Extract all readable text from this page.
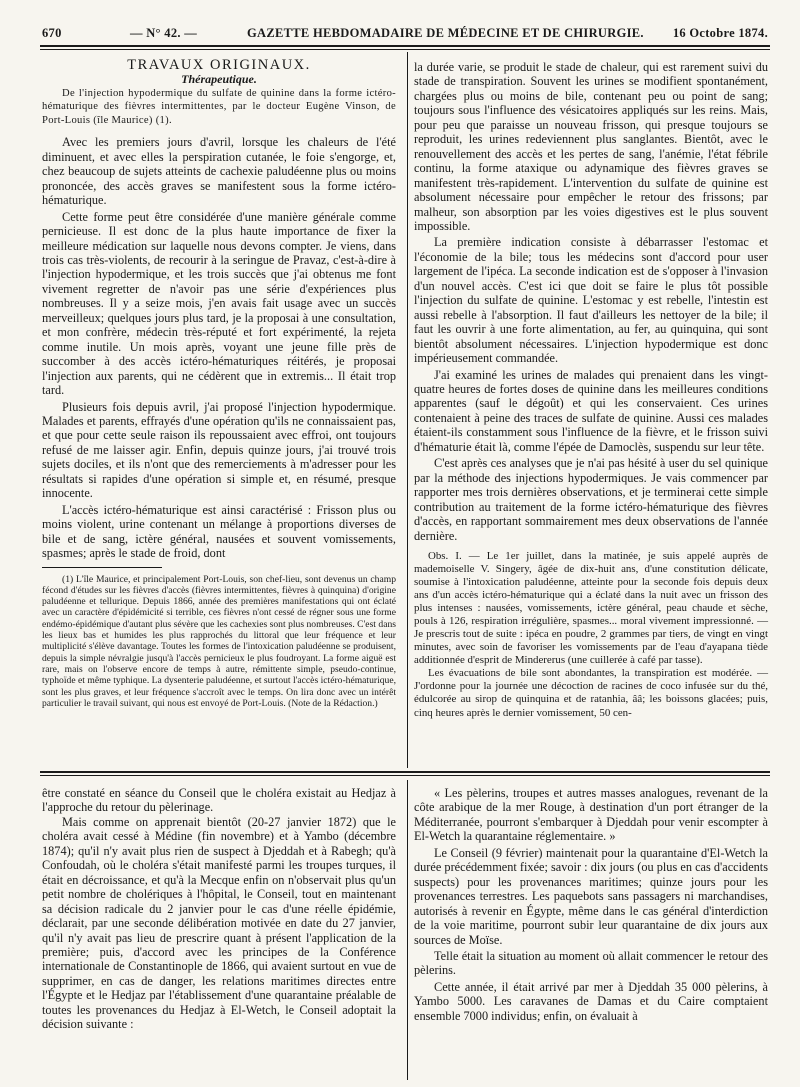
670	— N° 42. —	GAZETTE HEBDOMADAIRE DE MÉDECINE ET DE CHIRURGIE. 16 Octobre 1874.

TRAVAUX ORIGINAUX.

Thérapeutique.

De l'injection hypodermique du sulfate de quinine dans la forme ictéro-hématurique des fièvres intermittentes, par le docteur Eugène Vinson, de Port-Louis (île Maurice) (1).

Avec les premiers jours d'avril, lorsque les chaleurs de l'été diminuent, et avec elles la perspiration cutanée, le foie s'engorge, et, chez beaucoup de sujets atteints de cachexie paludéenne plus ou moins prononcée, des accès graves se manifestent sous la forme ictéro-hématurique.

Cette forme peut être considérée d'une manière générale comme pernicieuse. Il est donc de la plus haute importance de fixer la meilleure médication sur laquelle nous devons compter. Je viens, dans trois cas très-violents, de recourir à la seringue de Pravaz, c'est-à-dire à l'injection hypodermique, et les trois succès que j'ai obtenus me font vivement regretter de n'avoir pas une série d'expériences plus nombreuses. Il y a seize mois, j'en avais fait usage avec un succès merveilleux; quelques jours plus tard, je la proposai à une consultation, et mon confrère, médecin très-réputé et fort expérimenté, la rejeta comme inutile. Un mois après, voyant une jeune fille près de succomber à des accès ictéro-hématuriques réitérés, je proposai l'injection aux parents, qui ne cédèrent que in extremis... Il était trop tard.

Plusieurs fois depuis avril, j'ai proposé l'injection hypodermique. Malades et parents, effrayés d'une opération qu'ils ne connaissaient pas, et que pour cette seule raison ils repoussaient avec effroi, ont toujours refusé de me laisser agir. Enfin, depuis quinze jours, j'ai trouvé trois sujets dociles, et ils n'ont que des remerciements à m'adresser pour les résultats si rapides d'une opération si simple et, en résumé, presque innocente.

L'accès ictéro-hématurique est ainsi caractérisé : Frisson plus ou moins violent, urine contenant un mélange à proportions diverses de bile et de sang, ictère général, nausées et souvent vomissements, spasmes; après le stade de froid, dont

(1) L'île Maurice, et principalement Port-Louis, son chef-lieu, sont devenus un champ fécond d'études sur les fièvres d'accès (fièvres intermittentes, fièvres à quinquina) d'origine paludéenne et tellurique. Depuis 1866, année des premières manifestations qui ont éclaté avec un caractère d'épidémicité si terrible, ces fièvres n'ont cessé de régner sous une forme endémo-épidémique d'autant plus sévère que les cachexies sont plus nombreuses. C'est dans les lieux bas et humides les plus rapprochés du littoral que leur fréquence et leur multiplicité s'élève davantage. Toutes les formes de l'intoxication paludéenne se produisent, depuis la simple névralgie jusqu'à l'accès pernicieux le plus foudroyant. La forme aiguë est rare, mais on l'observe encore de temps à autre, rémittente simple, pseudo-continue, typhoïde et même typhique. La dysenterie paludéenne, et surtout l'accès ictéro-hématurique, sont les plus graves, et leur fréquence s'accroît avec le temps. On lira donc avec un intérêt particulier le travail suivant, qui nous est envoyé de Port-Louis. (Note de la Rédaction.)

la durée varie, se produit le stade de chaleur, qui est rarement suivi du stade de transpiration. Souvent les urines se modifient spontanément, chargées plus ou moins de bile, contenant peu ou point de sang; toujours sous l'influence des vésicatoires appliqués sur les reins. Mais, pour peu que paraisse un nouveau frisson, qui presque toujours se reproduit, les urines redeviennent plus sanglantes. Bientôt, avec le renouvellement des accès et les pertes de sang, l'anémie, l'état fébrile continu, la forme ataxique ou adynamique des fièvres graves se manifestent très-rapidement. L'intervention du sulfate de quinine est absolument nécessaire pour empêcher le retour des frissons; par malheur, son absorption par les voies digestives est le plus souvent impossible.

La première indication consiste à débarrasser l'estomac et l'économie de la bile; tous les médecins sont d'accord pour user largement de l'ipéca. La seconde indication est de s'opposer à l'invasion d'un nouvel accès. C'est ici que doit se faire le plus tôt possible l'injection du sulfate de quinine. L'estomac y est rebelle, l'intestin est aussi rebelle à l'absorption. Il faut d'ailleurs les nettoyer de la bile; il faut les ouvrir à une forte alimentation, au fer, au quinquina, qui sont bientôt absolument nécessaires. L'injection hypodermique est donc impérieusement commandée.

J'ai examiné les urines de malades qui prenaient dans les vingt-quatre heures de fortes doses de quinine dans les meilleures conditions apparentes (sauf le dégoût) et qui les conservaient. Ces urines contenaient à peine des traces de sulfate de quinine. Aussi ces malades étaient-ils constamment sous l'influence de la fièvre, et le frisson suivi d'hématurie était là, comme l'épée de Damoclès, suspendu sur leur tête.

C'est après ces analyses que je n'ai pas hésité à user du sel quinique par la méthode des injections hypodermiques. Je vais commencer par rapporter mes trois dernières observations, et je terminerai cette simple contribution au traitement de la forme ictéro-hématurique des fièvres d'accès, en rapportant sommairement mes deux observations de l'année dernière.

Obs. I. — Le 1er juillet, dans la matinée, je suis appelé auprès de mademoiselle V. Singery, âgée de dix-huit ans, d'une constitution délicate, soumise à l'intoxication paludéenne, atteinte pour la seconde fois depuis deux ans d'un accès ictéro-hématurique qui a éclaté dans la nuit avec un frisson des plus intenses : nausées, vomissements, ictère général, peau chaude et sèche, pouls à 126, respiration irrégulière, spasmes... moral vivement impressionné. — Je prescris tout de suite : ipéca en poudre, 2 grammes par tiers, de vingt en vingt minutes, avec soin de favoriser les vomissements par de l'eau d'ayapana tiède additionnée d'esprit de Mindererus (une cuillerée à café par tasse).

Les évacuations de bile sont abondantes, la transpiration est modérée. — J'ordonne pour la journée une décoction de racines de coco infusée sur du thé, édulcorée au sirop de quinquina et de ratanhia, ââ; les boissons glacées; puis, cinq heures après le dernier vomissement, 50 cen-

être constaté en séance du Conseil que le choléra existait au Hedjaz à l'approche du retour du pèlerinage.

Mais comme on apprenait bientôt (20-27 janvier 1872) que le choléra avait cessé à Médine (fin novembre) et à Yambo (décembre 1874); qu'il n'y avait plus rien de suspect à Djeddah et à Rabegh; qu'à Confoudah, où le choléra s'était manifesté parmi les troupes turques, il était en décroissance, et qu'à la Mecque enfin on n'observait plus qu'un petit nombre de cholériques à l'hôpital, le Conseil, tout en maintenant sa décision radicale du 2 janvier pour le cas d'une réelle épidémie, déclarait, par une seconde délibération motivée en date du 27 janvier, qu'il n'y avait pas lieu de prescrire quant à présent l'application de la première; puis, d'accord avec les principes de la Conférence internationale de Constantinople de 1866, qui avaient surtout en vue de supprimer, en cas de danger, les relations maritimes directes entre l'Égypte et le Hedjaz par l'établissement d'une quarantaine préalable de toutes les provenances du Hedjaz à El-Wetch, le Conseil adoptait la décision suivante :

« Les pèlerins, troupes et autres masses analogues, revenant de la côte arabique de la mer Rouge, à destination d'un port étranger de la Méditerranée, pourront s'embarquer à Djeddah pour venir escompter à El-Wetch la quarantaine réglementaire. »

Le Conseil (9 février) maintenait pour la quarantaine d'El-Wetch la durée précédemment fixée; savoir : dix jours (ou plus en cas d'accidents suspects) pour les provenances maritimes; quinze jours pour les provenances terrestres. Les paquebots sans passagers ni marchandises, autorisés à revenir en Égypte, même dans le cas général d'interdiction de la voie maritime, pourront subir leur quarantaine de dix jours aux sources de Moïse.

Telle était la situation au moment où allait commencer le retour des pèlerins.

Cette année, il était arrivé par mer à Djeddah 35 000 pèlerins, à Yambo 5000. Les caravanes de Damas et du Caire comptaient ensemble 7000 individus; enfin, on évaluait à
